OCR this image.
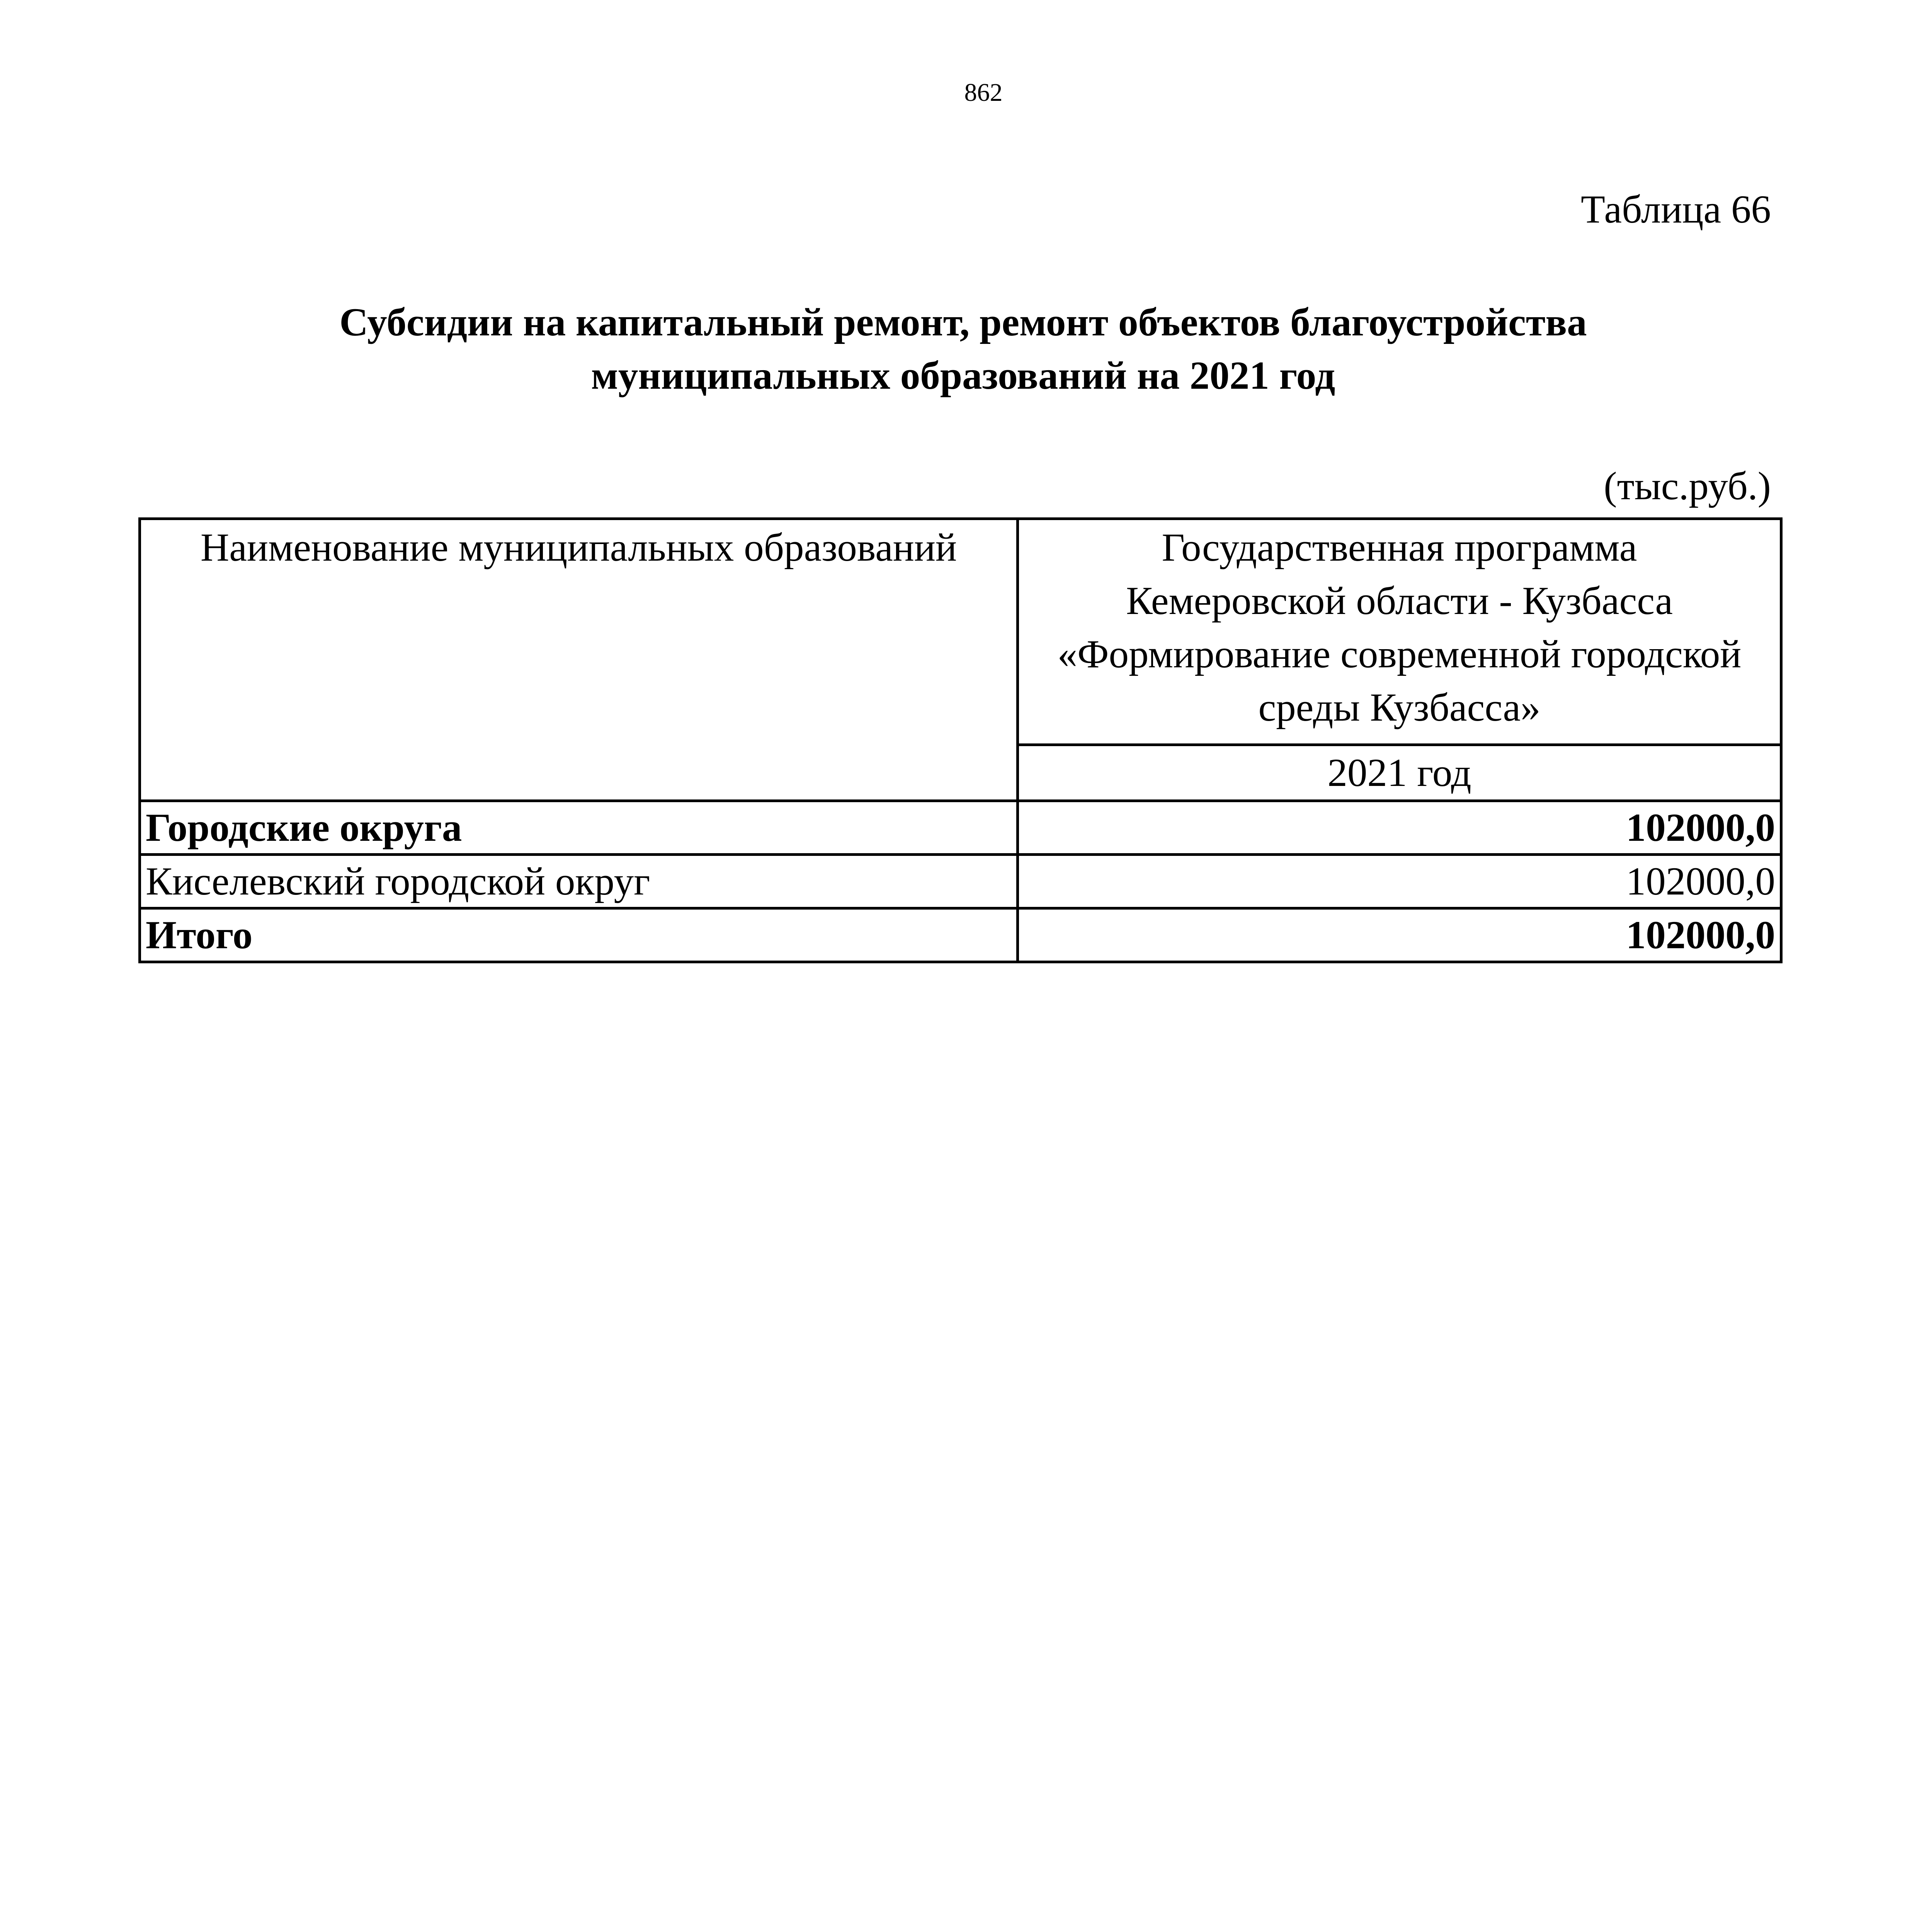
862
Таблица 66
Субсидии на капитальный ремонт, ремонт объектов благоустройства
муниципальных образований на 2021 год
(тыс.руб.)
Наименование муниципальных образований	Государственная программа
Кемеровской области - Кузбасса
«Формирование современной городской
среды Кузбасса»

	2021 год
Городские округа	102000,0
Киселевский городской округ	102000,0
Итого	102000,0
